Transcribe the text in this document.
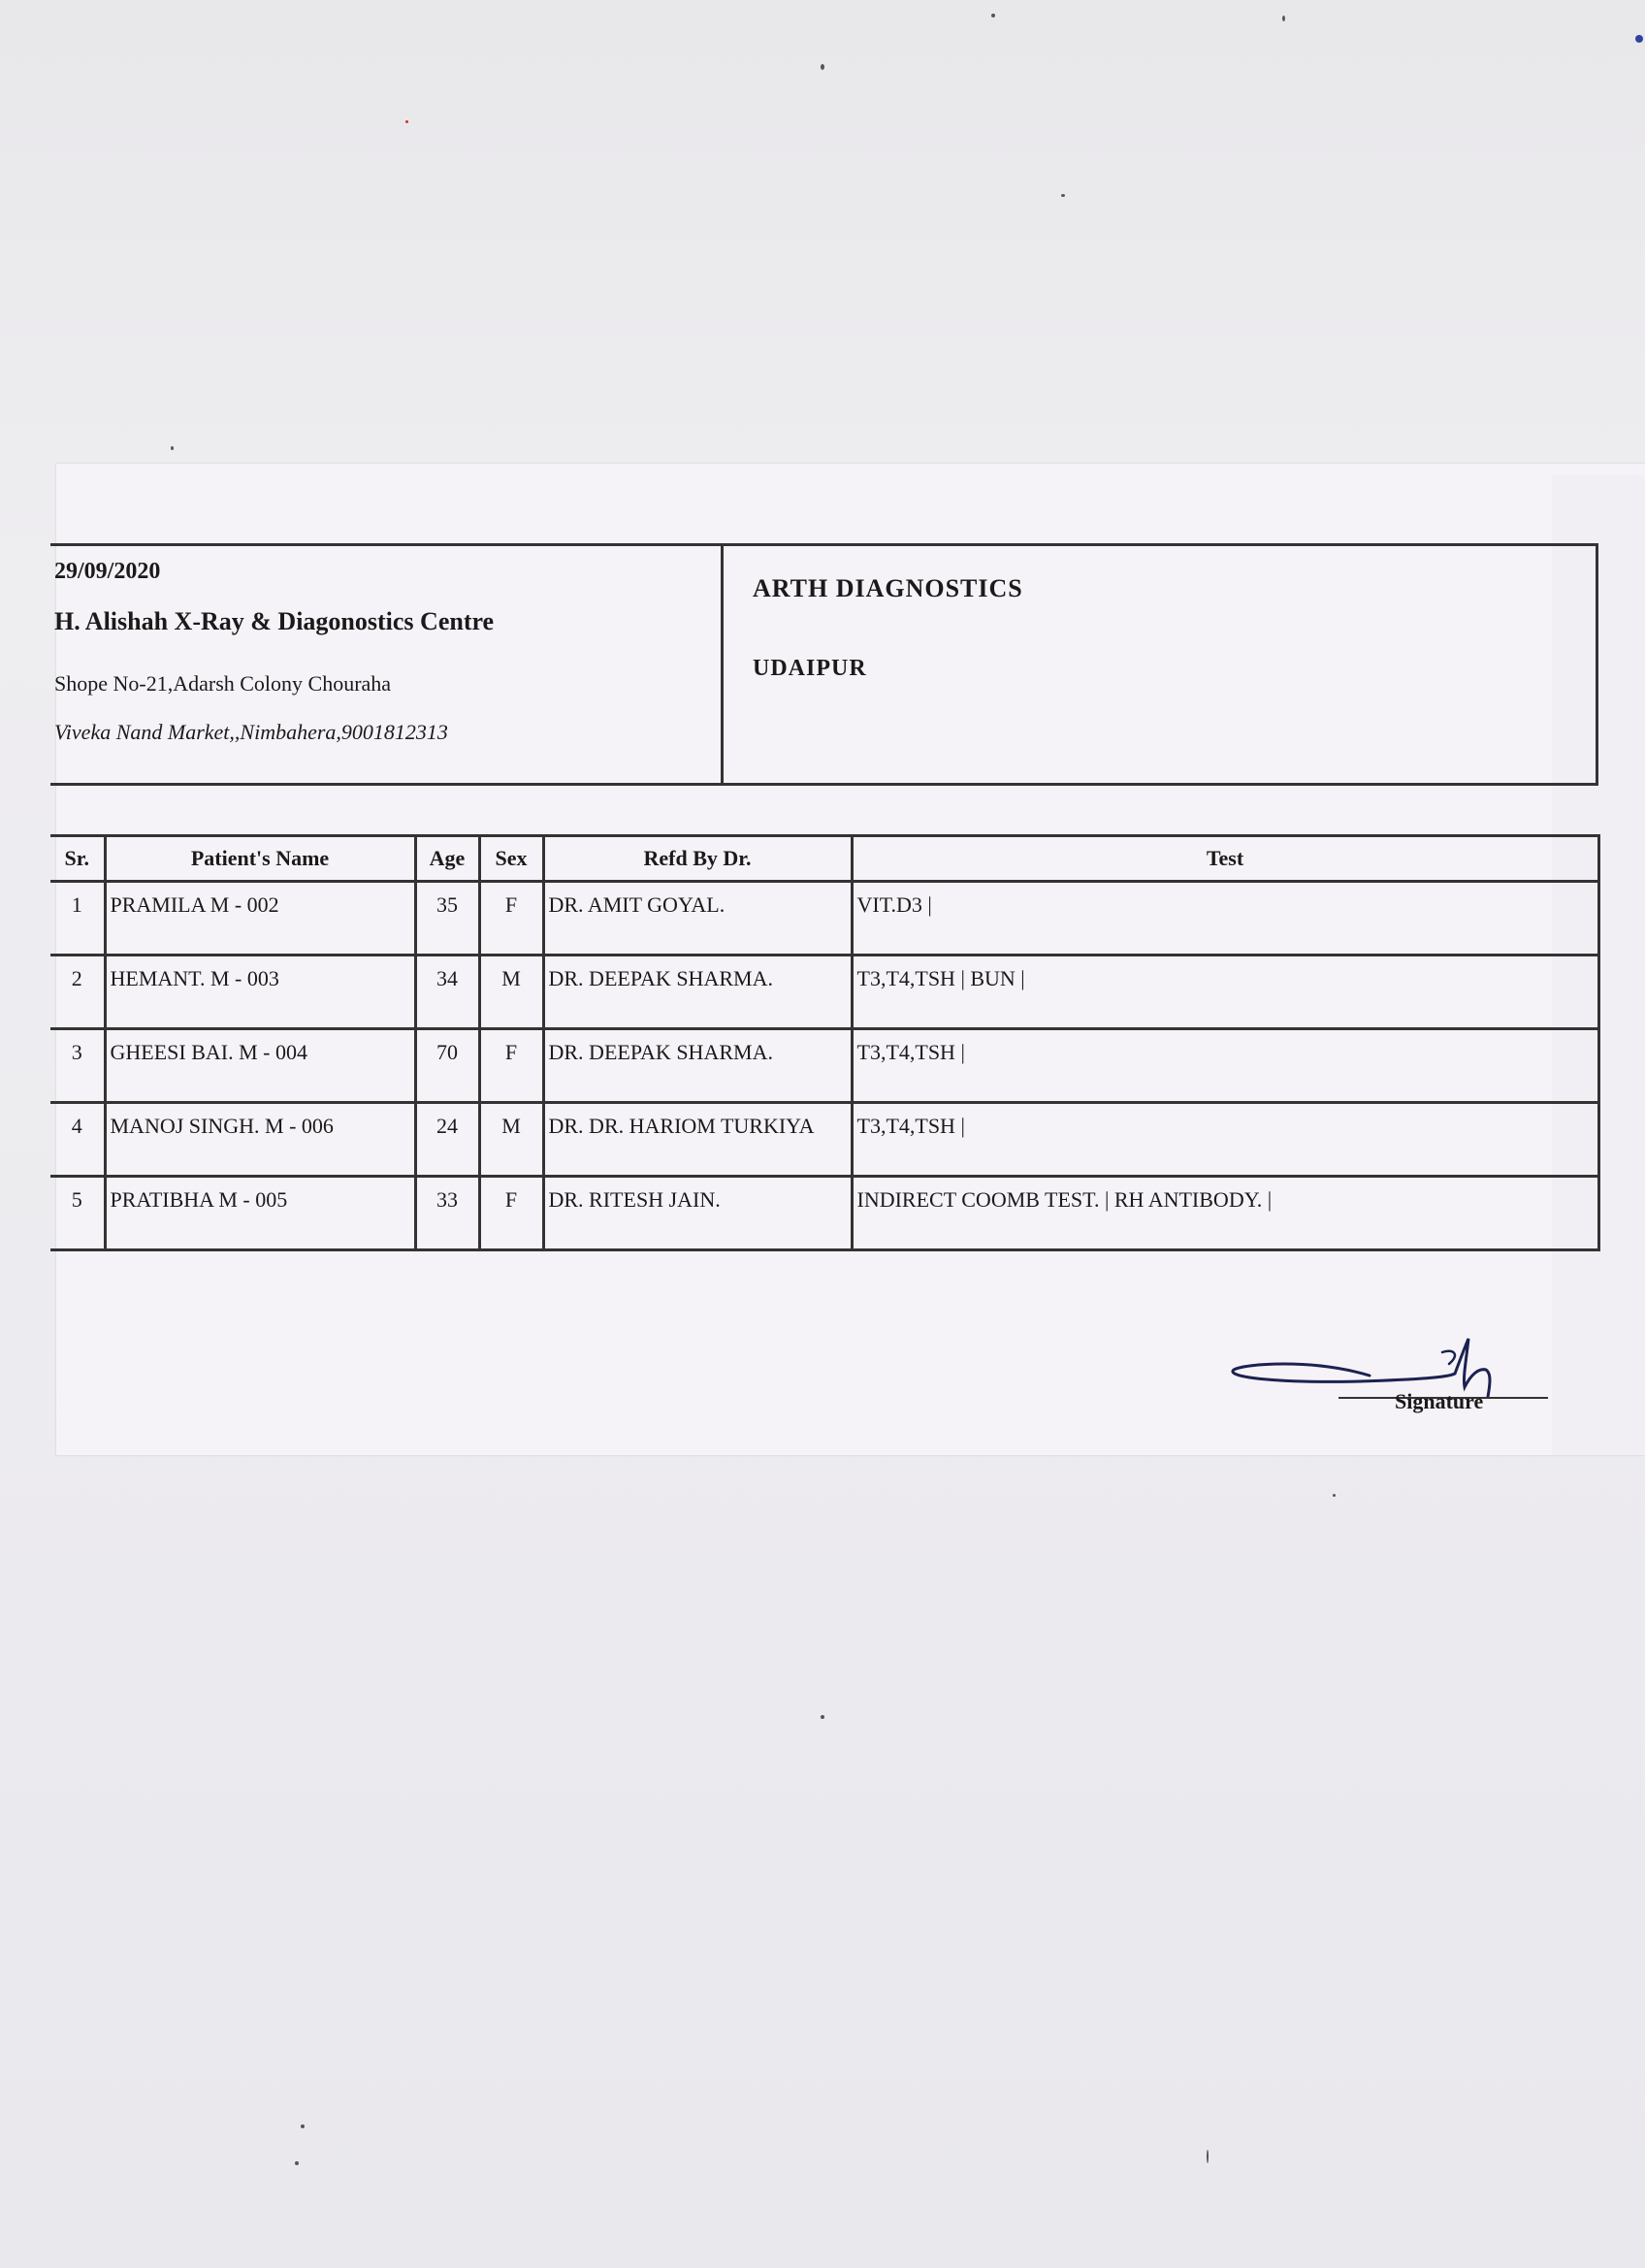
29/09/2020
H. Alishah X-Ray & Diagonostics Centre
Shope No-21,Adarsh Colony Chouraha
Viveka Nand Market,,Nimbahera,9001812313
ARTH DIAGNOSTICS
UDAIPUR
Sr.	Patient's Name	Age	Sex	Refd By Dr.	Test
1	PRAMILA M - 002	35	F	DR. AMIT GOYAL.	VIT.D3 |
2	HEMANT. M - 003	34	M	DR. DEEPAK SHARMA.	T3,T4,TSH | BUN |
3	GHEESI BAI. M - 004	70	F	DR. DEEPAK SHARMA.	T3,T4,TSH |
4	MANOJ SINGH. M - 006	24	M	DR. DR. HARIOM TURKIYA	T3,T4,TSH |
5	PRATIBHA M - 005	33	F	DR. RITESH JAIN.	INDIRECT COOMB TEST. | RH ANTIBODY. |
Signature
